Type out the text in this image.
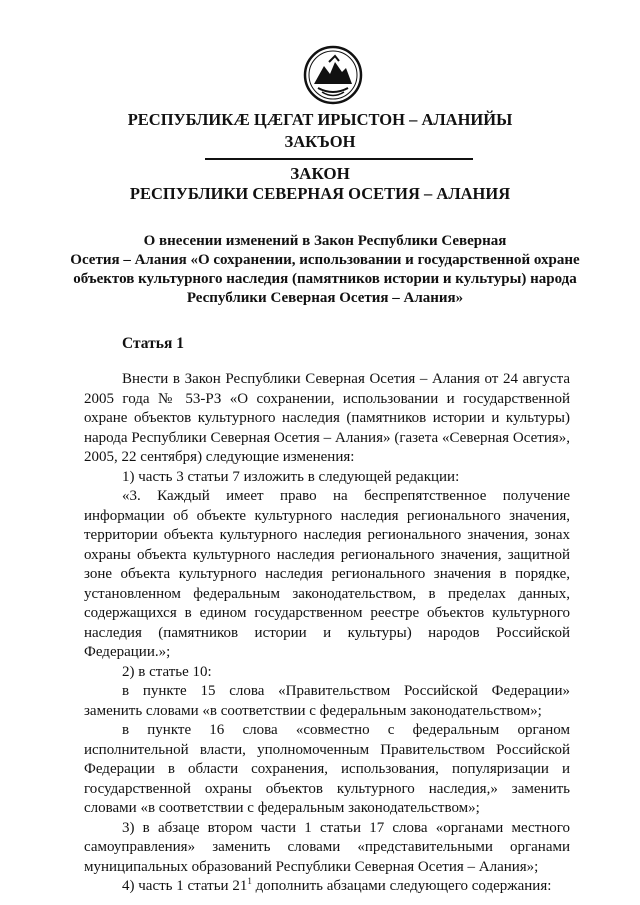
РЕСПУБЛИКӔ ЦӔГАТ ИРЫСТОН – АЛАНИЙЫ
ЗАКЪОН
ЗАКОН
РЕСПУБЛИКИ СЕВЕРНАЯ ОСЕТИЯ – АЛАНИЯ
О внесении изменений в Закон Республики Северная
Осетия – Алания «О сохранении, использовании и государственной охране
объектов культурного наследия (памятников истории и культуры) народа
Республики Северная Осетия – Алания»
Статья 1

Внести в Закон Республики Северная Осетия – Алания от 24 августа 2005 года № 53-РЗ «О сохранении, использовании и государственной охране объектов культурного наследия (памятников истории и культуры) народа Республики Северная Осетия – Алания» (газета «Северная Осетия», 2005, 22 сентября) следующие изменения:

1) часть 3 статьи 7 изложить в следующей редакции:

«3. Каждый имеет право на беспрепятственное получение информации об объекте культурного наследия регионального значения, территории объекта культурного наследия регионального значения, зонах охраны объекта культурного наследия регионального значения, защитной зоне объекта культурного наследия регионального значения в порядке, установленном федеральным законодательством, в пределах данных, содержащихся в едином государственном реестре объектов культурного наследия (памятников истории и культуры) народов Российской Федерации.»;

2) в статье 10:

в пункте 15 слова «Правительством Российской Федерации» заменить словами «в соответствии с федеральным законодательством»;

в пункте 16 слова «совместно с федеральным органом исполнительной власти, уполномоченным Правительством Российской Федерации в области сохранения, использования, популяризации и государственной охраны объектов культурного наследия,» заменить словами «в соответствии с федеральным законодательством»;

3) в абзаце втором части 1 статьи 17 слова «органами местного самоуправления» заменить словами «представительными органами муниципальных образований Республики Северная Осетия – Алания»;

4) часть 1 статьи $21^1$ дополнить абзацами следующего содержания:
